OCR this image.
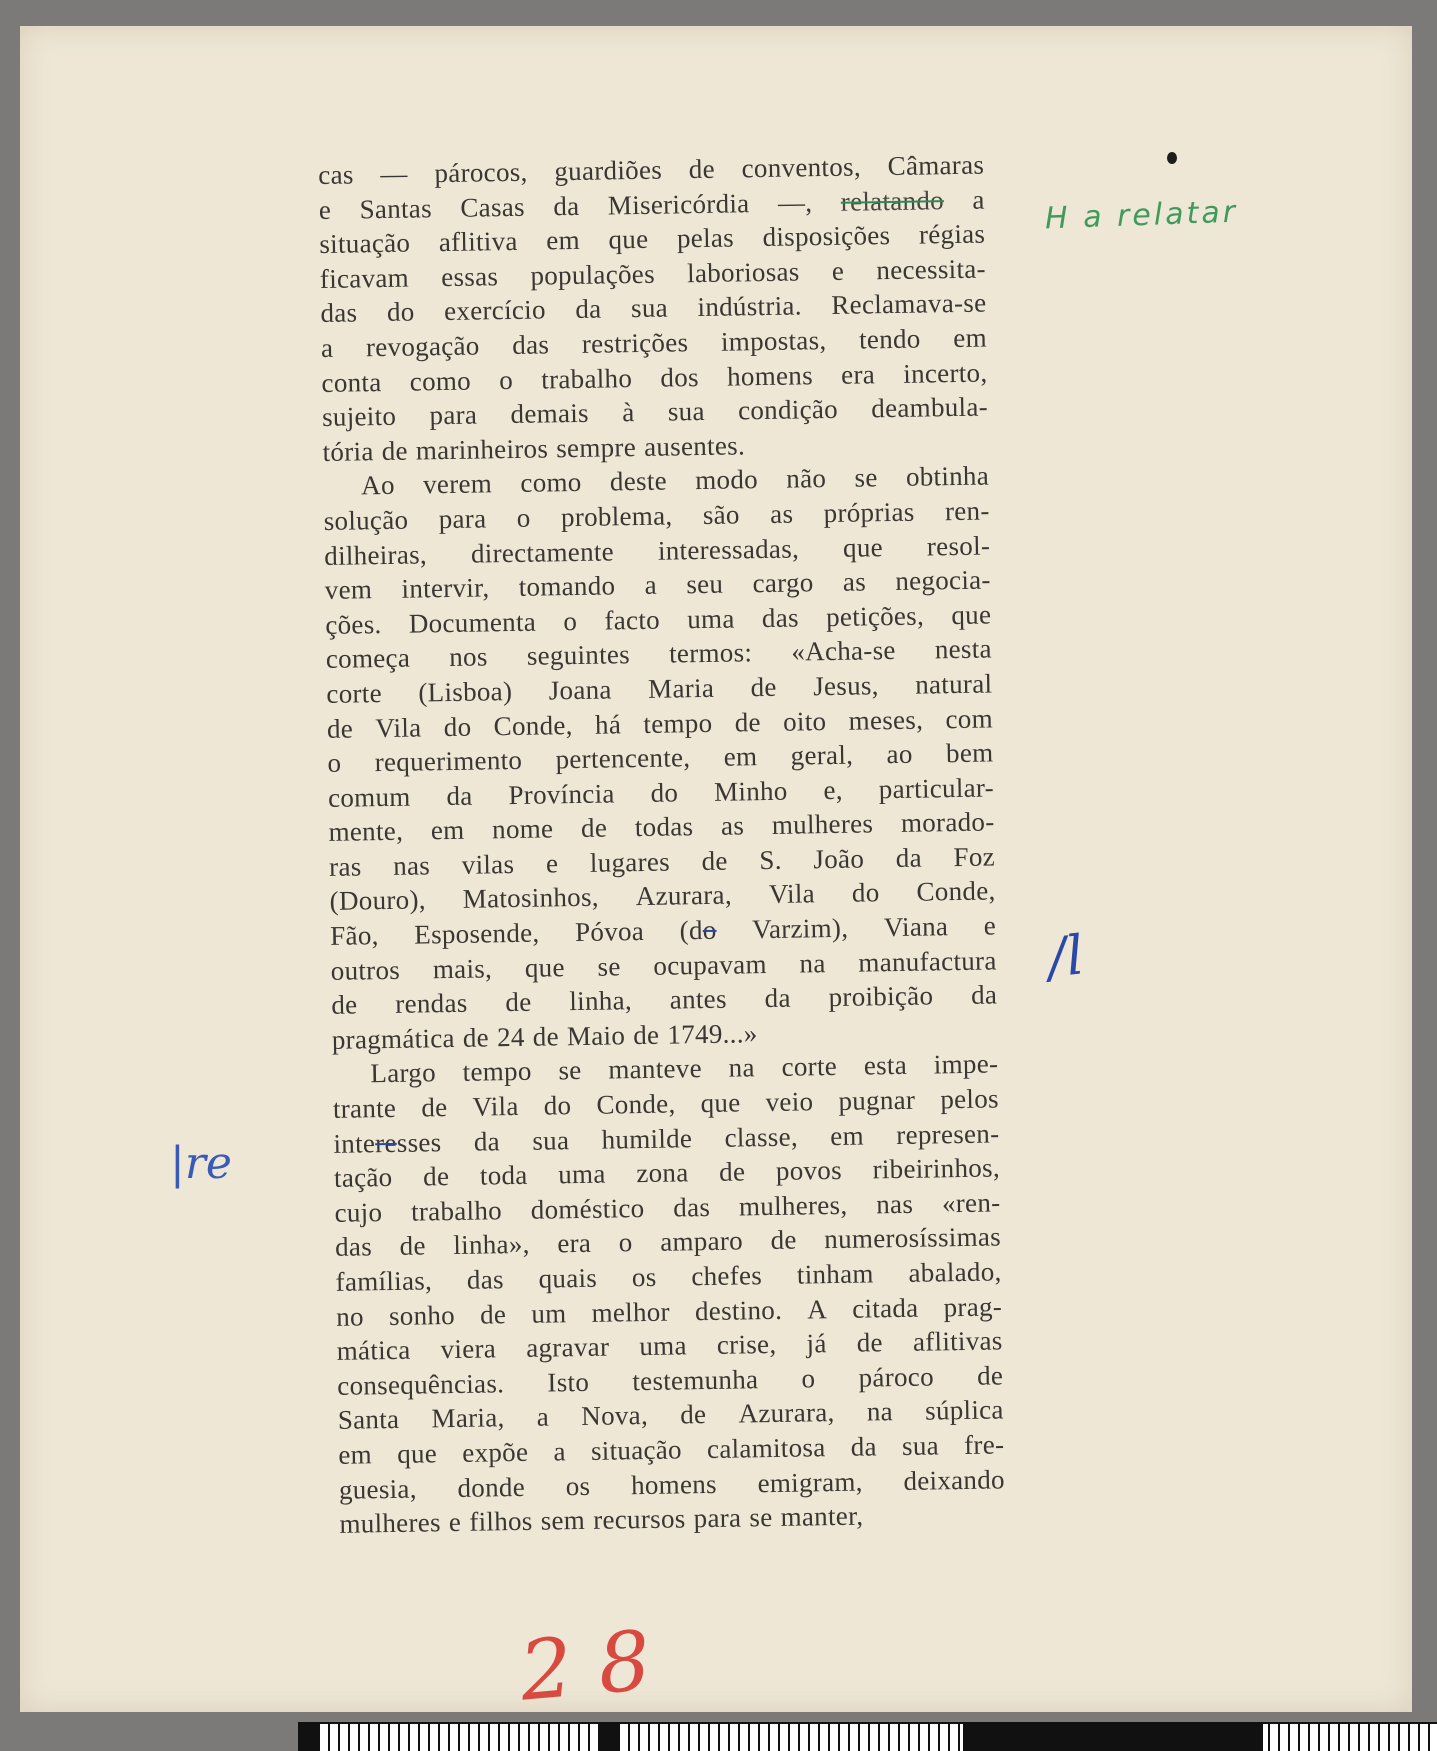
cas — párocos, guardiões de conventos, Câmaras
e Santas Casas da Misericórdia —, relatando a
situação aflitiva em que pelas disposições régias
ficavam essas populações laboriosas e necessita-
das do exercício da sua indústria. Reclamava-se
a revogação das restrições impostas, tendo em
conta como o trabalho dos homens era incerto,
sujeito para demais à sua condição deambula-
tória de marinheiros sempre ausentes.
Ao verem como deste modo não se obtinha
solução para o problema, são as próprias ren-
dilheiras, directamente interessadas, que resol-
vem intervir, tomando a seu cargo as negocia-
ções. Documenta o facto uma das petições, que
começa nos seguintes termos: «Acha-se nesta
corte (Lisboa) Joana Maria de Jesus, natural
de Vila do Conde, há tempo de oito meses, com
o requerimento pertencente, em geral, ao bem
comum da Província do Minho e, particular-
mente, em nome de todas as mulheres morado-
ras nas vilas e lugares de S. João da Foz
(Douro), Matosinhos, Azurara, Vila do Conde,
Fão, Esposende, Póvoa (do Varzim), Viana e
outros mais, que se ocupavam na manufactura
de rendas de linha, antes da proibição da
pragmática de 24 de Maio de 1749...»
Largo tempo se manteve na corte esta impe-
trante de Vila do Conde, que veio pugnar pelos
interesses da sua humilde classe, em represen-
tação de toda uma zona de povos ribeirinhos,
cujo trabalho doméstico das mulheres, nas «ren-
das de linha», era o amparo de numerosíssimas
famílias, das quais os chefes tinham abalado,
no sonho de um melhor destino. A citada prag-
mática viera agravar uma crise, já de aflitivas
consequências. Isto testemunha o pároco de
Santa Maria, a Nova, de Azurara, na súplica
em que expõe a situação calamitosa da sua fre-
guesia, donde os homens emigram, deixando
mulheres e filhos sem recursos para se manter,
H a relatar
/l
|re
28
